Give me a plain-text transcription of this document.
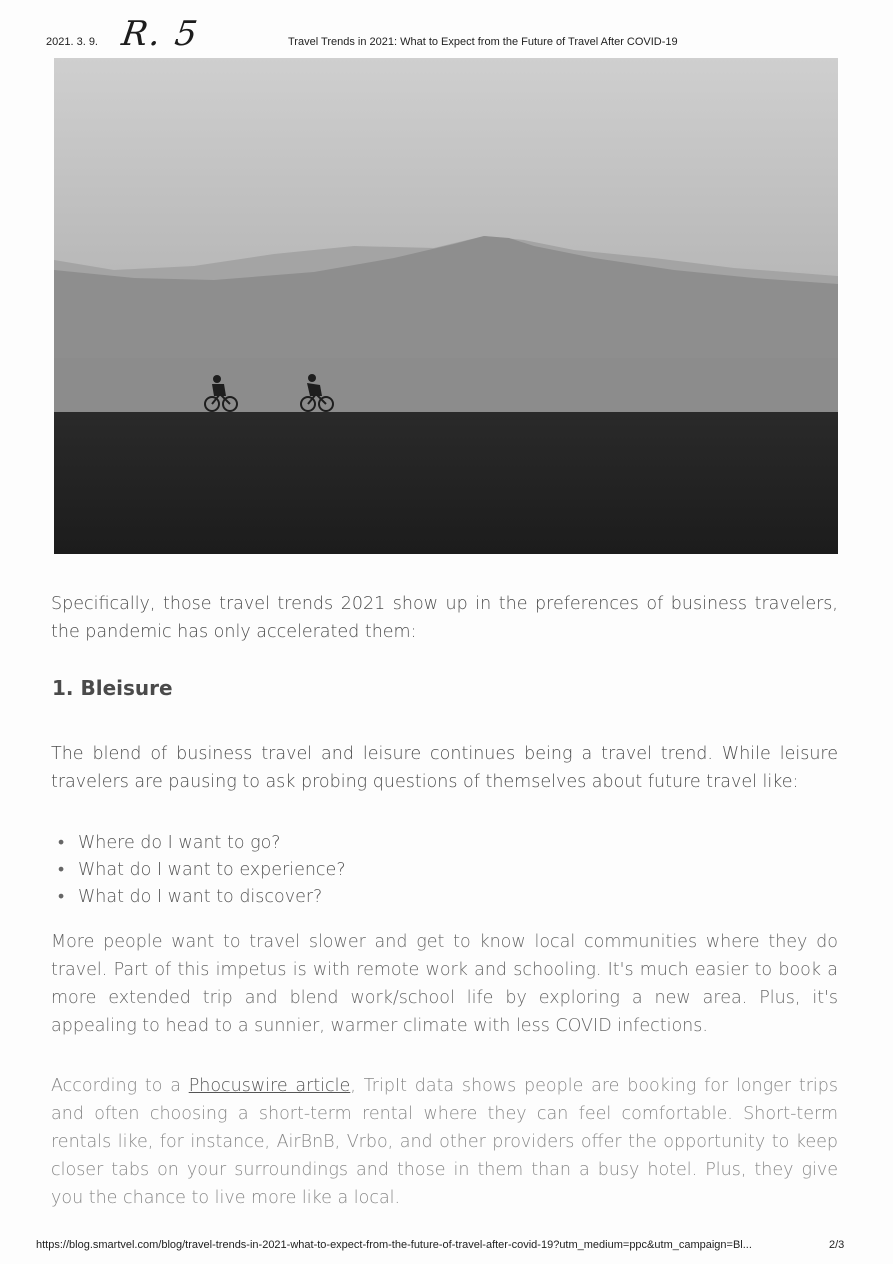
2021. 3. 9. R. 5	Travel Trends in 2021: What to Expect from the Future of Travel After COVID-19

Specifically, those travel trends 2021 show up in the preferences of business travelers, the pandemic has only accelerated them:

1. Bleisure

The blend of business travel and leisure continues being a travel trend. While leisure travelers are pausing to ask probing questions of themselves about future travel like:

• Where do I want to go?
• What do I want to experience?
• What do I want to discover?

More people want to travel slower and get to know local communities where they do travel. Part of this impetus is with remote work and schooling. It's much easier to book a more extended trip and blend work/school life by exploring a new area. Plus, it's appealing to head to a sunnier, warmer climate with less COVID infections.

According to a Phocuswire article, TripIt data shows people are booking for longer trips and often choosing a short-term rental where they can feel comfortable. Short-term rentals like, for instance, AirBnB, Vrbo, and other providers offer the opportunity to keep closer tabs on your surroundings and those in them than a busy hotel. Plus, they give you the chance to live more like a local.

https://blog.smartvel.com/blog/travel-trends-in-2021-what-to-expect-from-the-future-of-travel-after-covid-19?utm_medium=ppc&utm_campaign=Bl...	2/3
